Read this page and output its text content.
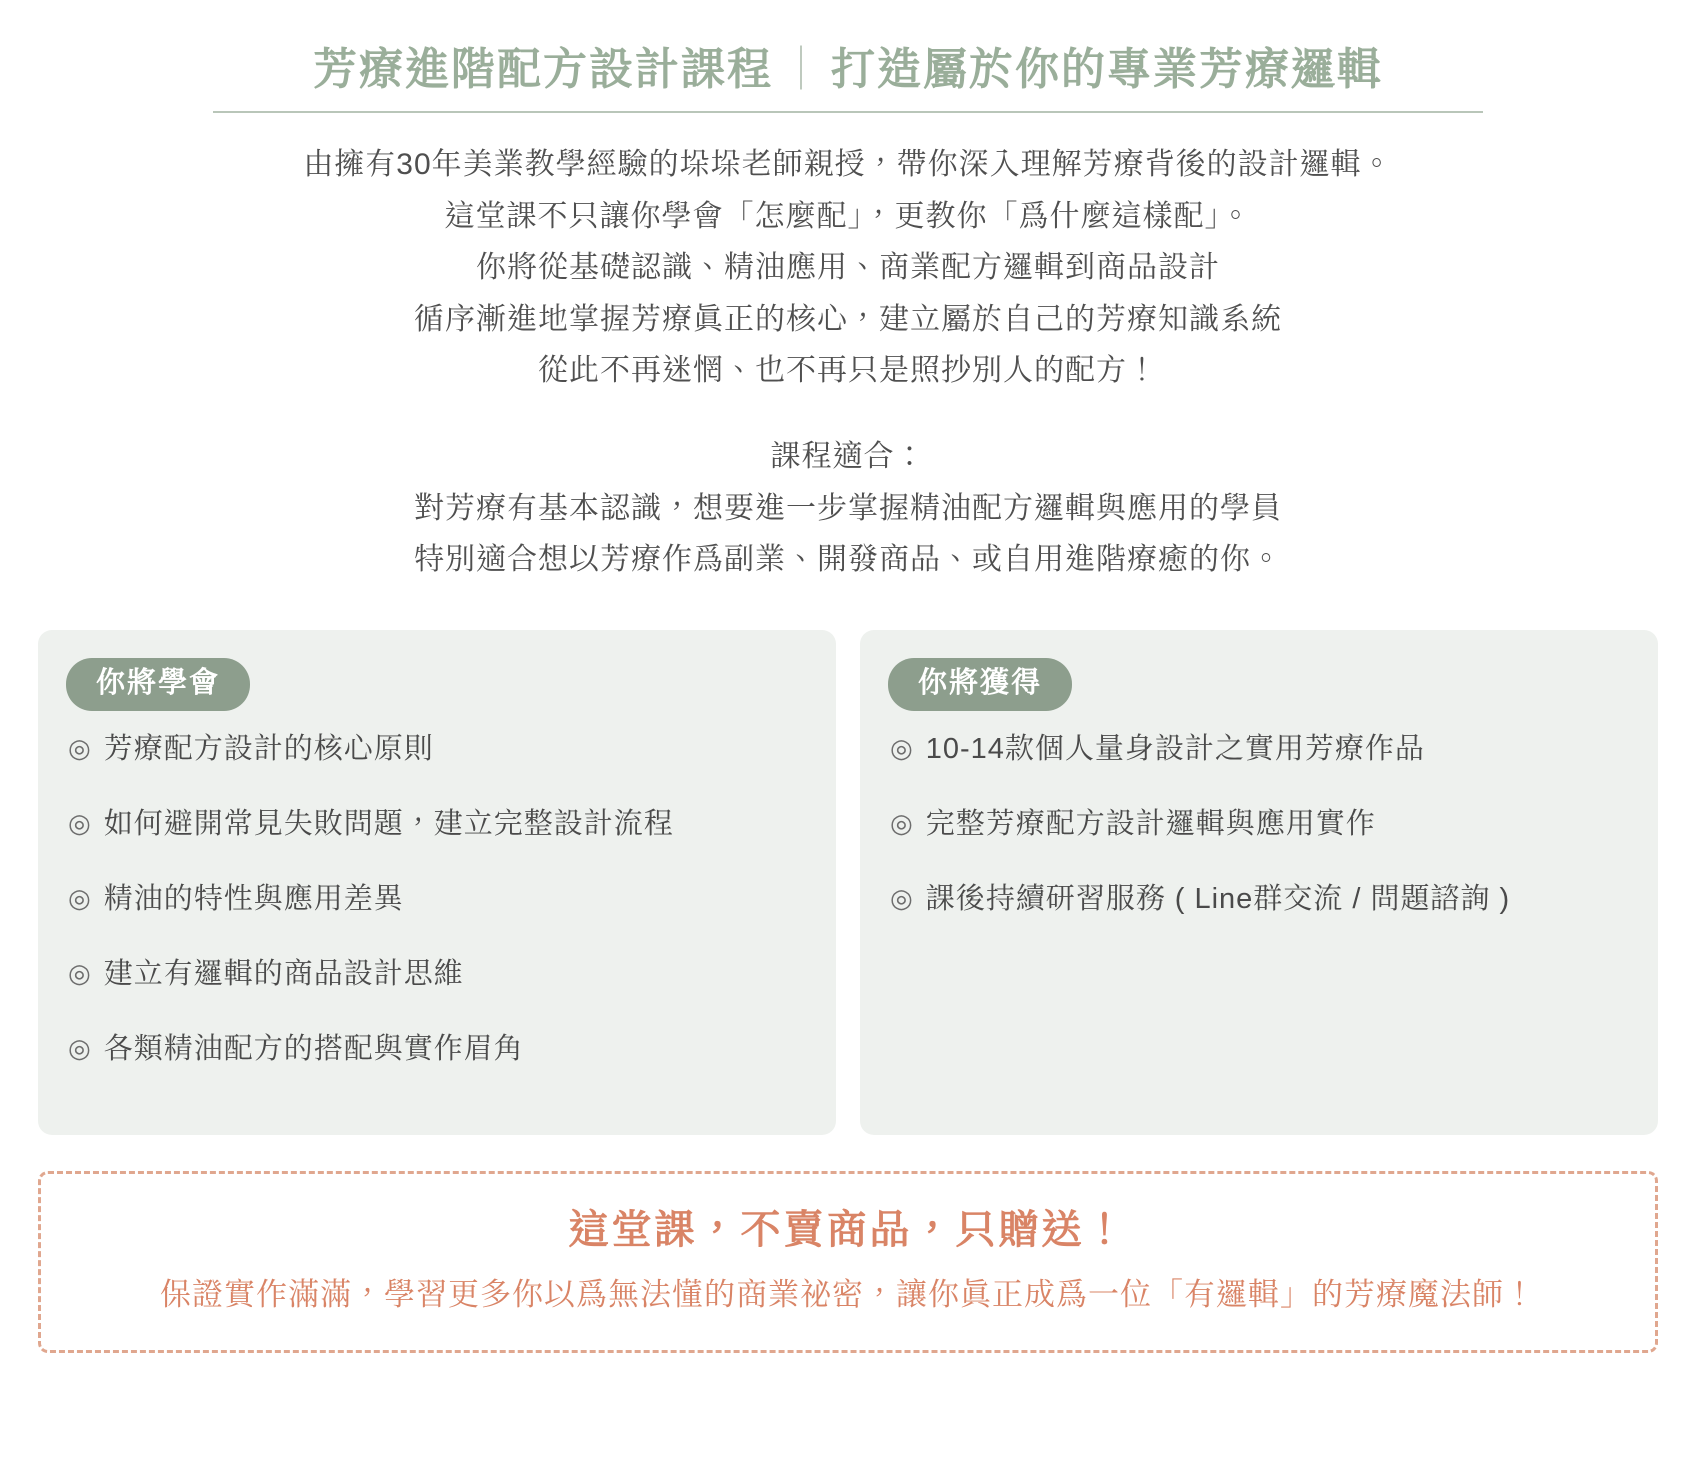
芳療進階配方設計課程 ｜ 打造屬於你的專業芳療邏輯
由擁有30年美業教學經驗的垛垛老師親授，帶你深入理解芳療背後的設計邏輯。
這堂課不只讓你學會「怎麼配」，更教你「爲什麼這樣配」。
你將從基礎認識、精油應用、商業配方邏輯到商品設計
循序漸進地掌握芳療眞正的核心，建立屬於自己的芳療知識系統
從此不再迷惘、也不再只是照抄別人的配方！
課程適合：
對芳療有基本認識，想要進一步掌握精油配方邏輯與應用的學員
特別適合想以芳療作爲副業、開發商品、或自用進階療癒的你。
你將學會
◎ 芳療配方設計的核心原則
◎ 如何避開常見失敗問題，建立完整設計流程
◎ 精油的特性與應用差異
◎ 建立有邏輯的商品設計思維
◎ 各類精油配方的搭配與實作眉角
你將獲得
◎ 10-14款個人量身設計之實用芳療作品
◎ 完整芳療配方設計邏輯與應用實作
◎ 課後持續研習服務 ( Line群交流 / 問題諮詢 )
這堂課，不賣商品，只贈送！
保證實作滿滿，學習更多你以爲無法懂的商業祕密，讓你眞正成爲一位「有邏輯」的芳療魔法師！
